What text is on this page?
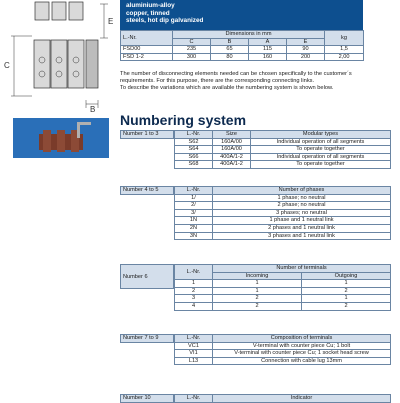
C
E
B
aluminium-alloy
copper, tinned
steels, hot dip galvanized
L.-Nr.	Dimensions in mm				kg
	C	B	A	E	
FSD00	235	65	115	90	1,5
FSD 1-2	300	80	160	200	2,00
The number of disconnecting elements needed can be chosen specifically to the customer´s
requirements. For this purpose, there are the corresponding connecting links.
To describe the variations which are available the numbering system is shown below.
Numbering system
Number 1 to 3	L.-Nr.	Size	Modular types
S62	160A/00	Individual operation of all segments
S64	160A/00	To operate together
S66	400A/1-2	Individual operation of all segments
S68	400A/1-2	To operate together
Number 4 to 5	L.-Nr.	Number of phases
1/	1 phase; no neutral
2/	2 phase; no neutral
3/	3 phases; no neutral
1N	1 phase and 1 neutral link
2N	2 phases and 1 neutral link
3N	3 phases and 1 neutral link
Number 6
L.-Nr.	Number of terminals	
	Incoming	Outgoing
1	1	1
2	1	2
3	2	1
4	2	2
Number 7 to 9	L.-Nr.	Composition of terminals
VC1	V-terminal with counter piece Cu; 1 bolt
VI1	V-terminal with counter piece Cu; 1 socket head screw
L13	Connection with cable lug 13mm
Number 10	L.-Nr.	Indicator
